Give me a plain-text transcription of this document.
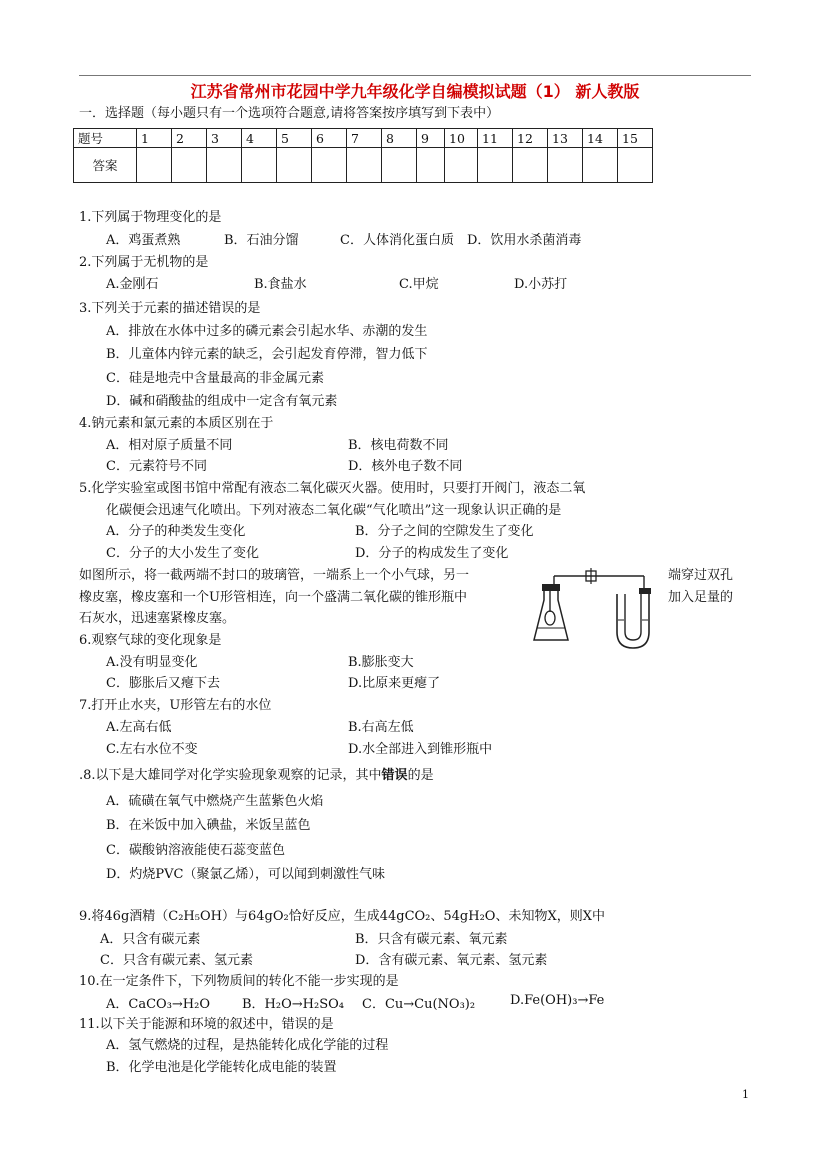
江苏省常州市花园中学九年级化学自编模拟试题（1） 新人教版
一．选择题（每小题只有一个选项符合题意,请将答案按序填写到下表中）
题号	1	2	3	4	5	6	7	8	9	10	11	12	13	14	15
答案															
1.下列属于物理变化的是
A．鸡蛋煮熟	B．石油分馏	C．人体消化蛋白质 D．饮用水杀菌消毒
2.下列属于无机物的是
A.金刚石	B.食盐水	C.甲烷	D.小苏打
3.下列关于元素的描述错误的是
A．排放在水体中过多的磷元素会引起水华、赤潮的发生
B．儿童体内锌元素的缺乏，会引起发育停滞，智力低下
C．硅是地壳中含量最高的非金属元素
D．碱和硝酸盐的组成中一定含有氧元素
4.钠元素和氯元素的本质区别在于
A．相对原子质量不同	B．核电荷数不同
C．元素符号不同	D．核外电子数不同
5.化学实验室或图书馆中常配有液态二氧化碳灭火器。使用时，只要打开阀门，液态二氧
化碳便会迅速气化喷出。下列对液态二氧化碳“气化喷出”这一现象认识正确的是
A．分子的种类发生变化	B．分子之间的空隙发生了变化
C．分子的大小发生了变化	D．分子的构成发生了变化
如图所示，将一截两端不封口的玻璃管，一端系上一个小气球，另一	端穿过双孔
橡皮塞，橡皮塞和一个U形管相连，向一个盛满二氧化碳的锥形瓶中	加入足量的
石灰水，迅速塞紧橡皮塞。
6.观察气球的变化现象是
A.没有明显变化	B.膨胀变大
C．膨胀后又瘪下去	D.比原来更瘪了
7.打开止水夹，U形管左右的水位
A.左高右低	B.右高左低
C.左右水位不变	D.水全部进入到锥形瓶中
.8.以下是大雄同学对化学实验现象观察的记录，其中错误的是
A．硫磺在氧气中燃烧产生蓝紫色火焰
B．在米饭中加入碘盐，米饭呈蓝色
C．碳酸钠溶液能使石蕊变蓝色
D．灼烧PVC（聚氯乙烯），可以闻到刺激性气味
9.将46g酒精（C₂H₅OH）与64gO₂恰好反应，生成44gCO₂、54gH₂O、未知物X，则X中
A．只含有碳元素	B．只含有碳元素、氧元素
C．只含有碳元素、氢元素	D．含有碳元素、氧元素、氢元素
10.在一定条件下，下列物质间的转化不能一步实现的是
A．CaCO₃→H₂O B．H₂O→H₂SO₄ C．Cu→Cu(NO₃)₂	D.Fe(OH)₃→Fe
11.以下关于能源和环境的叙述中，错误的是
A．氢气燃烧的过程，是热能转化成化学能的过程
B．化学电池是化学能转化成电能的装置
1
